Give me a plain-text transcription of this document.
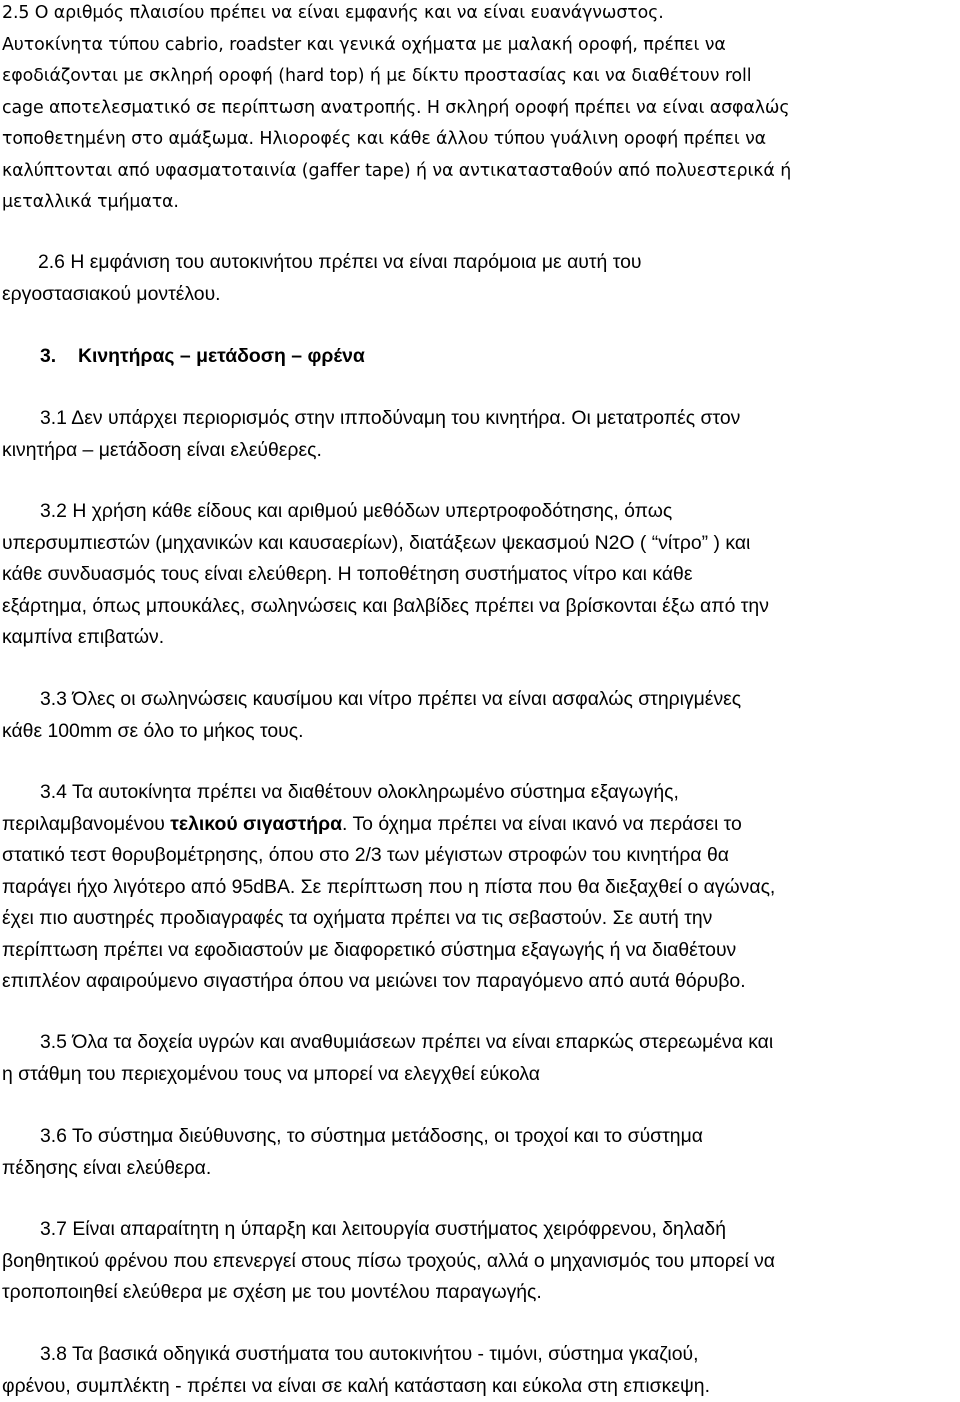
2.5 Ο αριθμός πλαισίου πρέπει να είναι εμφανής και να είναι ευανάγνωστος.
Αυτοκίνητα τύπου cabrio, roadster και γενικά οχήματα με μαλακή οροφή, πρέπει να
εφοδιάζονται με σκληρή οροφή (hard top) ή με δίκτυ προστασίας και να διαθέτουν roll
cage αποτελεσματικό σε περίπτωση ανατροπής. Η σκληρή οροφή πρέπει να είναι ασφαλώς
τοποθετημένη στο αμάξωμα. Ηλιοροφές και κάθε άλλου τύπου γυάλινη οροφή πρέπει να
καλύπτονται από υφασματοταινία (gaffer tape) ή να αντικατασταθούν από πολυεστερικά ή
μεταλλικά τμήματα.
2.6 Η εμφάνιση του αυτοκινήτου πρέπει να είναι παρόμοια με αυτή του
εργοστασιακού μοντέλου.
3. Κινητήρας – μετάδοση – φρένα
3.1 Δεν υπάρχει περιορισμός στην ιπποδύναμη του κινητήρα. Οι μετατροπές στον
κινητήρα – μετάδοση είναι ελεύθερες.
3.2 Η χρήση κάθε είδους και αριθμού μεθόδων υπερτροφοδότησης, όπως
υπερσυμπιεστών (μηχανικών και καυσαερίων), διατάξεων ψεκασμού N2O ( “νίτρο” ) και
κάθε συνδυασμός τους είναι ελεύθερη. Η τοποθέτηση συστήματος νίτρο και κάθε
εξάρτημα, όπως μπουκάλες, σωληνώσεις και βαλβίδες πρέπει να βρίσκονται έξω από την
καμπίνα επιβατών.
3.3 Όλες οι σωληνώσεις καυσίμου και νίτρο πρέπει να είναι ασφαλώς στηριγμένες
κάθε 100mm σε όλο το μήκος τους.
3.4 Τα αυτοκίνητα πρέπει να διαθέτουν ολοκληρωμένο σύστημα εξαγωγής,
περιλαμβανομένου τελικού σιγαστήρα. Το όχημα πρέπει να είναι ικανό να περάσει το
στατικό τεστ θορυβομέτρησης, όπου στο 2/3 των μέγιστων στροφών του κινητήρα θα
παράγει ήχο λιγότερο από 95dBA. Σε περίπτωση που η πίστα που θα διεξαχθεί ο αγώνας,
έχει πιο αυστηρές προδιαγραφές τα οχήματα πρέπει να τις σεβαστούν. Σε αυτή την
περίπτωση πρέπει να εφοδιαστούν με διαφορετικό σύστημα εξαγωγής ή να διαθέτουν
επιπλέον αφαιρούμενο σιγαστήρα όπου να μειώνει τον παραγόμενο από αυτά θόρυβο.
3.5 Όλα τα δοχεία υγρών και αναθυμιάσεων πρέπει να είναι επαρκώς στερεωμένα και
η στάθμη του περιεχομένου τους να μπορεί να ελεγχθεί εύκολα
3.6 Το σύστημα διεύθυνσης, το σύστημα μετάδοσης, οι τροχοί και το σύστημα
πέδησης είναι ελεύθερα.
3.7 Είναι απαραίτητη η ύπαρξη και λειτουργία συστήματος χειρόφρενου, δηλαδή
βοηθητικού φρένου που επενεργεί στους πίσω τροχούς, αλλά ο μηχανισμός του μπορεί να
τροποποιηθεί ελεύθερα με σχέση με του μοντέλου παραγωγής.
3.8 Τα βασικά οδηγικά συστήματα του αυτοκινήτου - τιμόνι, σύστημα γκαζιού,
φρένου, συμπλέκτη - πρέπει να είναι σε καλή κατάσταση και εύκολα στη επισκεψη.
